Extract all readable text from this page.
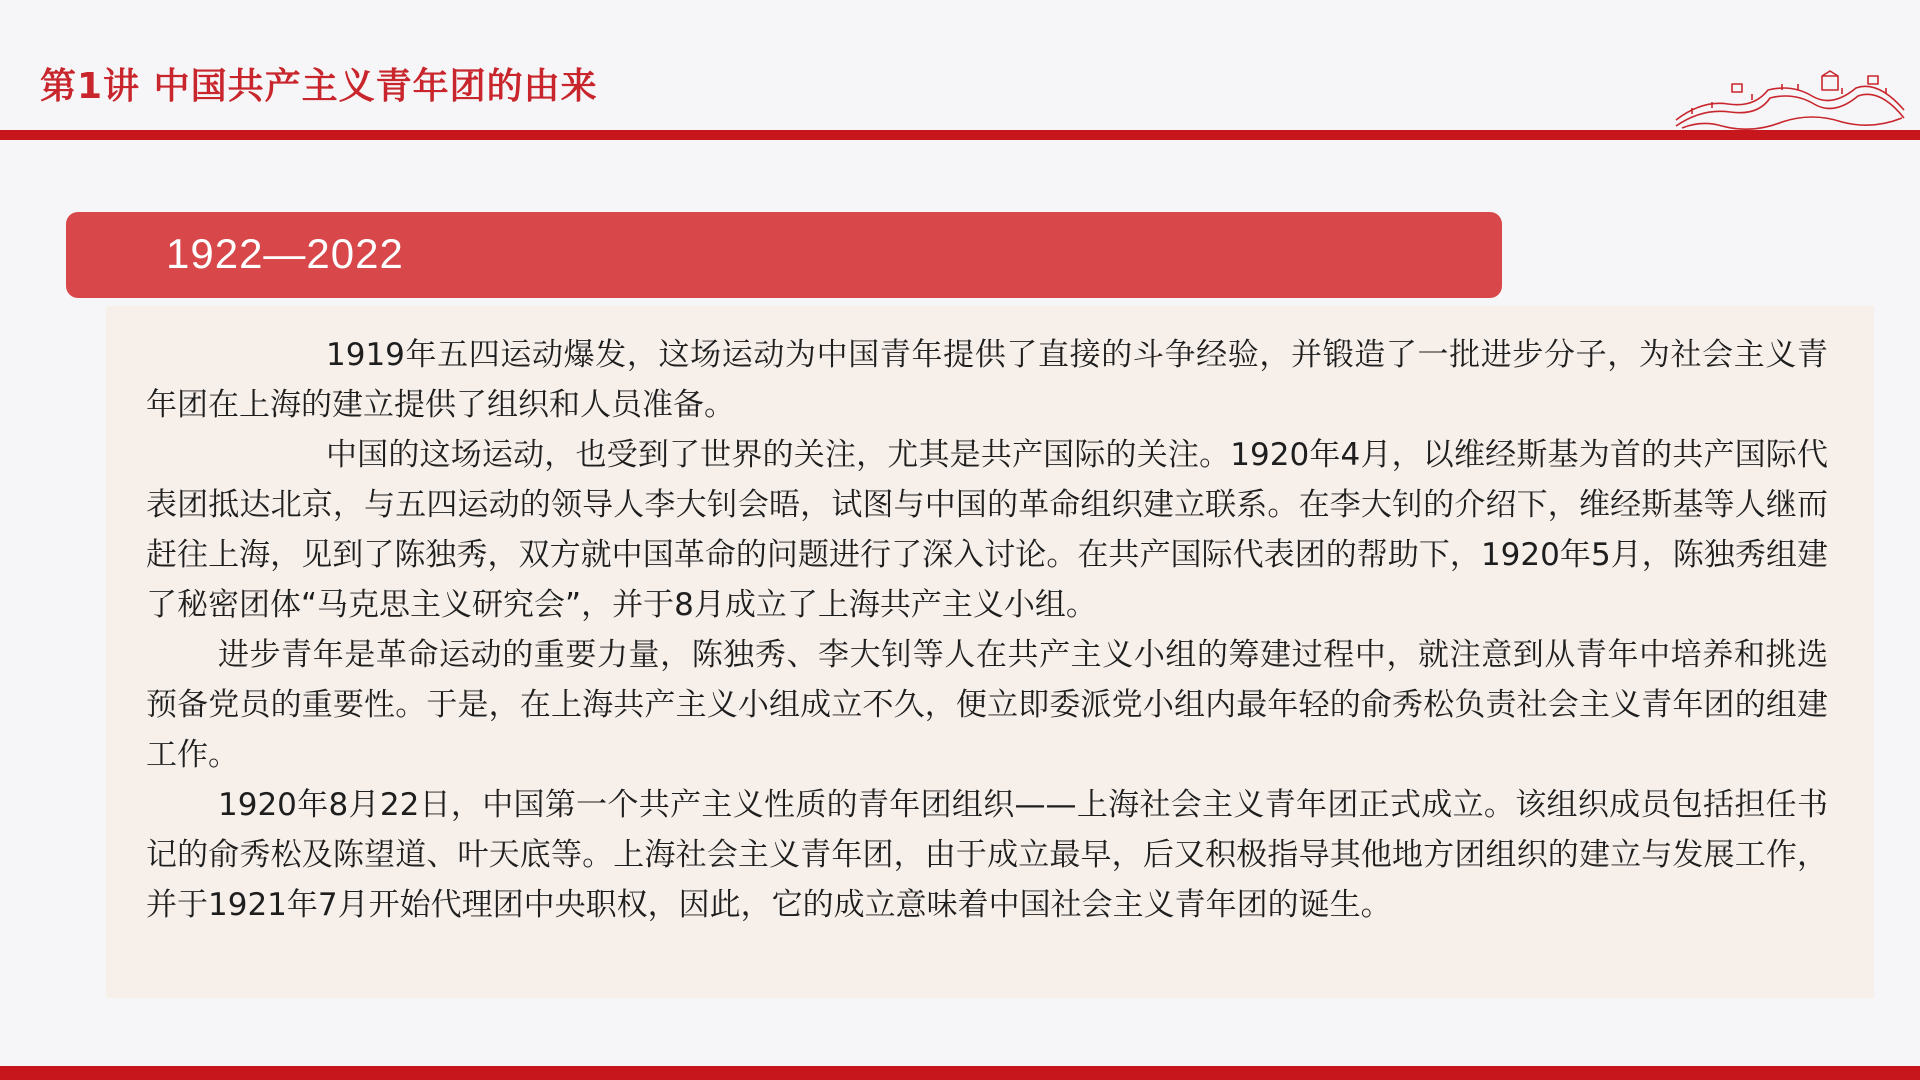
第1讲 中国共产主义青年团的由来
1922—2022

1919年五四运动爆发，这场运动为中国青年提供了直接的斗争经验，并锻造了一批进步分子，为社会主义青年团在上海的建立提供了组织和人员准备。

中国的这场运动，也受到了世界的关注，尤其是共产国际的关注。1920年4月，以维经斯基为首的共产国际代表团抵达北京，与五四运动的领导人李大钊会晤，试图与中国的革命组织建立联系。在李大钊的介绍下，维经斯基等人继而赶往上海，见到了陈独秀，双方就中国革命的问题进行了深入讨论。在共产国际代表团的帮助下，1920年5月，陈独秀组建了秘密团体“马克思主义研究会”，并于8月成立了上海共产主义小组。

进步青年是革命运动的重要力量，陈独秀、李大钊等人在共产主义小组的筹建过程中，就注意到从青年中培养和挑选预备党员的重要性。于是，在上海共产主义小组成立不久，便立即委派党小组内最年轻的俞秀松负责社会主义青年团的组建工作。

1920年8月22日，中国第一个共产主义性质的青年团组织——上海社会主义青年团正式成立。该组织成员包括担任书记的俞秀松及陈望道、叶天底等。上海社会主义青年团，由于成立最早，后又积极指导其他地方团组织的建立与发展工作，并于1921年7月开始代理团中央职权，因此，它的成立意味着中国社会主义青年团的诞生。
